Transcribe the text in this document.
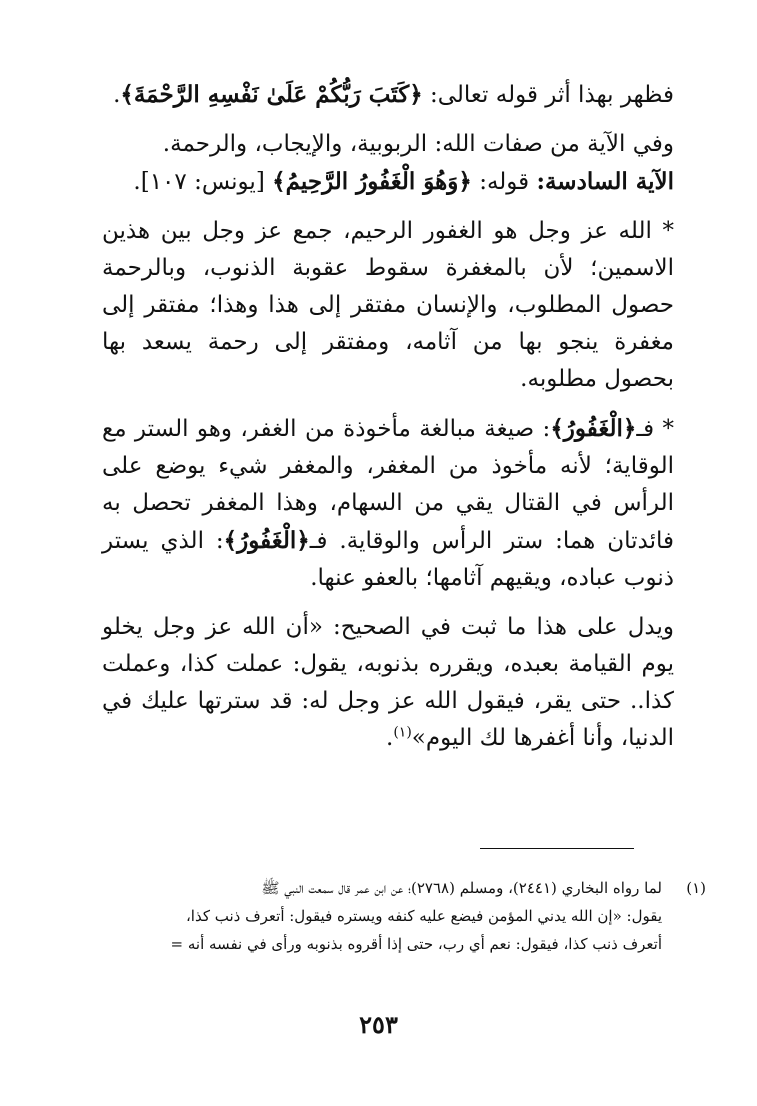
فظهر بهذا أثر قوله تعالى: ﴿كَتَبَ رَبُّكُمْ عَلَىٰ نَفْسِهِ الرَّحْمَةَ﴾.

وفي الآية من صفات الله: الربوبية، والإيجاب، والرحمة.

الآية السادسة: قوله: ﴿وَهُوَ الْغَفُورُ الرَّحِيمُ﴾ [يونس: ١٠٧].

* الله عز وجل هو الغفور الرحيم، جمع عز وجل بين هذين الاسمين؛ لأن بالمغفرة سقوط عقوبة الذنوب، وبالرحمة حصول المطلوب، والإنسان مفتقر إلى هذا وهذا؛ مفتقر إلى مغفرة ينجو بها من آثامه، ومفتقر إلى رحمة يسعد بها بحصول مطلوبه.

* فـ﴿الْغَفُورُ﴾: صيغة مبالغة مأخوذة من الغفر، وهو الستر مع الوقاية؛ لأنه مأخوذ من المغفر، والمغفر شيء يوضع على الرأس في القتال يقي من السهام، وهذا المغفر تحصل به فائدتان هما: ستر الرأس والوقاية. فـ﴿الْغَفُورُ﴾: الذي يستر ذنوب عباده، ويقيهم آثامها؛ بالعفو عنها.

ويدل على هذا ما ثبت في الصحيح: «أن الله عز وجل يخلو يوم القيامة بعبده، ويقرره بذنوبه، يقول: عملت كذا، وعملت كذا.. حتى يقر، فيقول الله عز وجل له: قد سترتها عليك في الدنيا، وأنا أغفرها لك اليوم»$^{(١)}$.

(١)لما رواه البخاري (٢٤٤١)، ومسلم (٢٧٦٨)؛ عن ابن عمر قال سمعت النبي ﷺ

يقول: «إن الله يدني المؤمن فيضع عليه كنفه ويستره فيقول: أتعرف ذنب كذا،

أتعرف ذنب كذا، فيقول: نعم أي رب، حتى إذا أقروه بذنوبه ورأى في نفسه أنه =

٢٥٣
